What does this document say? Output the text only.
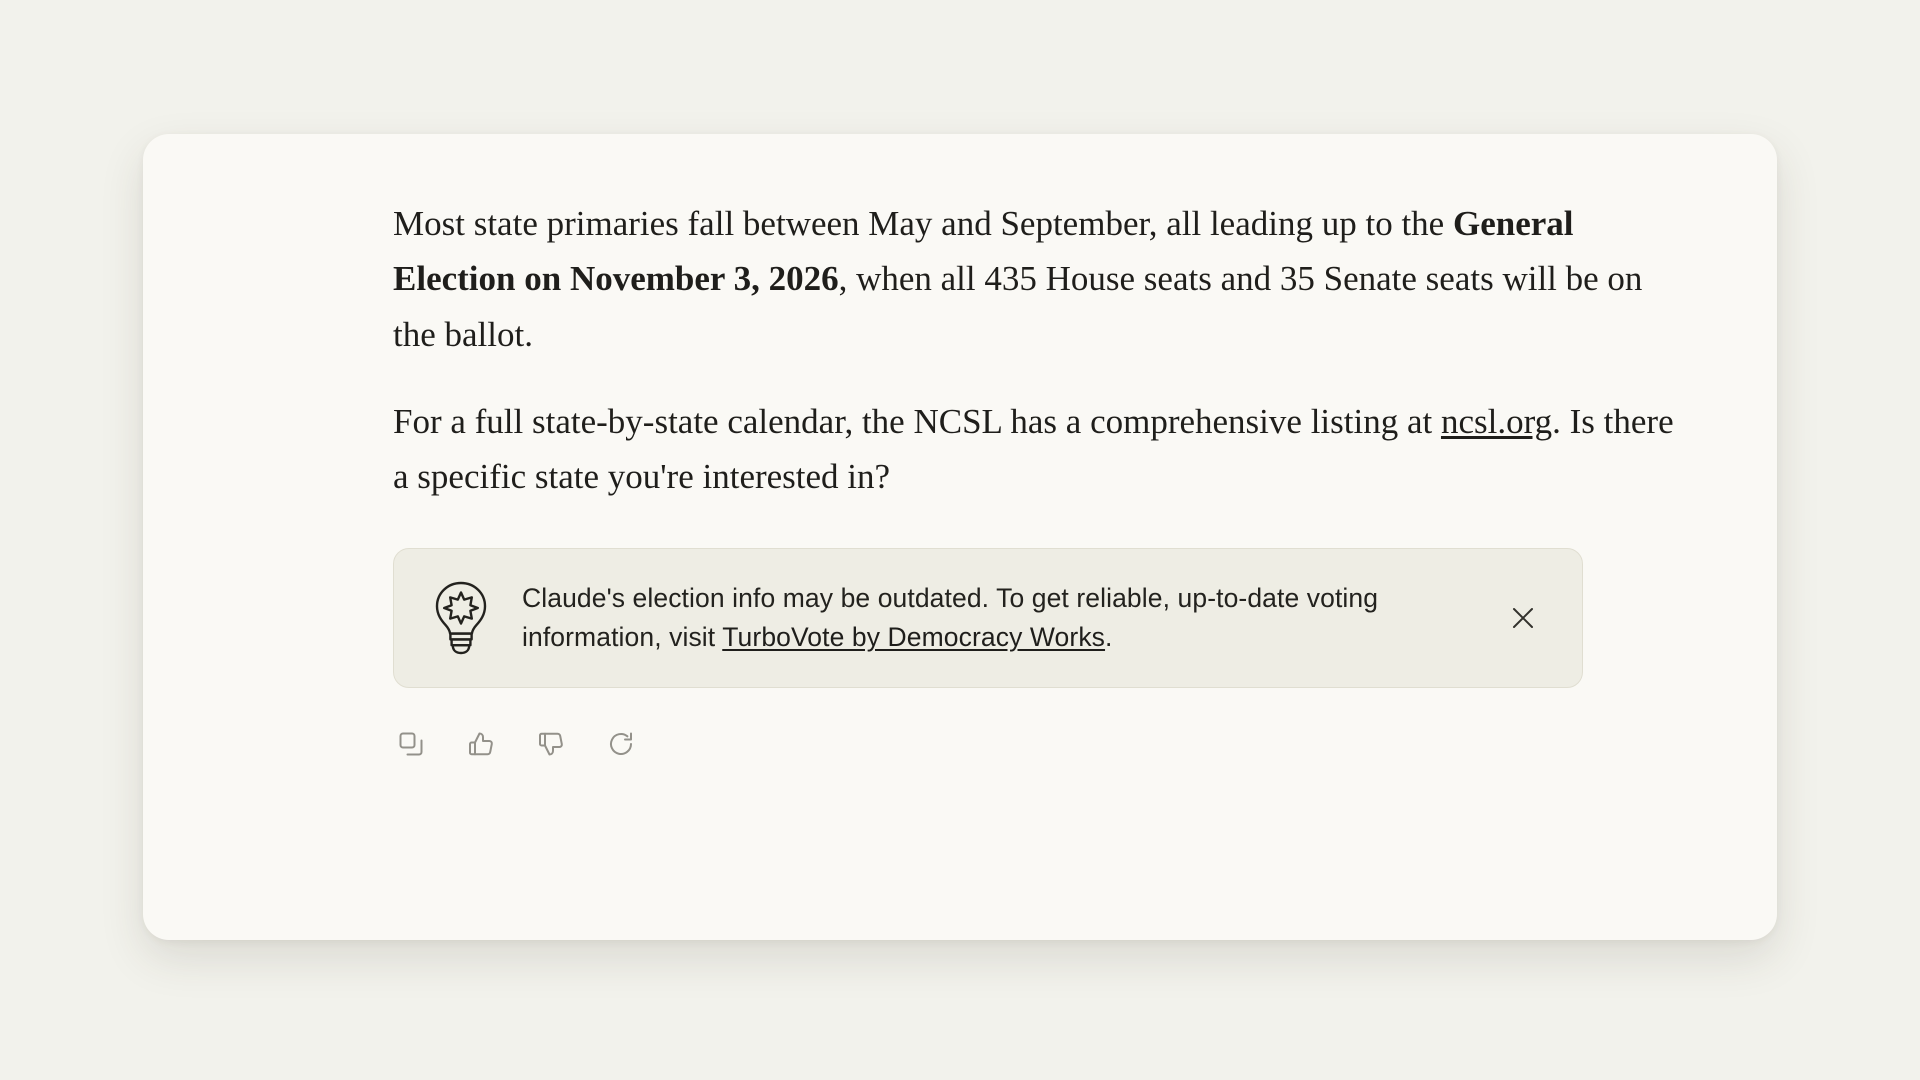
Most state primaries fall between May and September, all leading up to the General Election on November 3, 2026, when all 435 House seats and 35 Senate seats will be on the ballot.

For a full state-by-state calendar, the NCSL has a comprehensive listing at ncsl.org. Is there a specific state you're interested in?

Claude's election info may be outdated. To get reliable, up-to-date voting information, visit TurboVote by Democracy Works.
